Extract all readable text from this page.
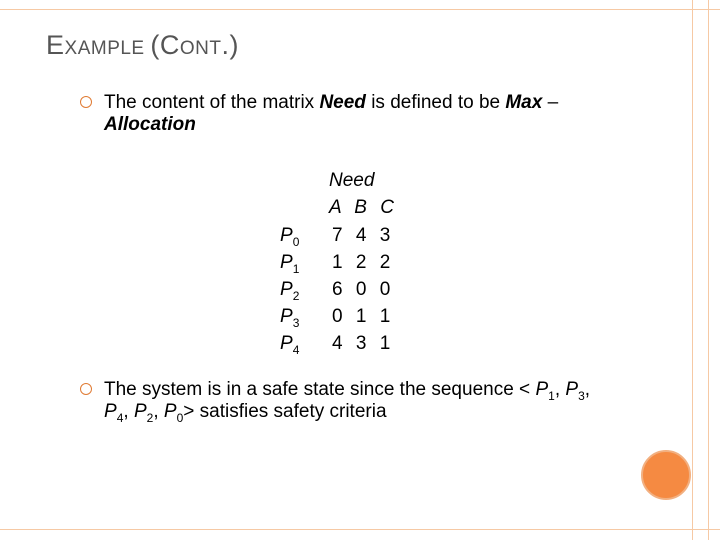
EXAMPLE (CONT.)
The content of the matrix Need is defined to be Max –
Allocation
Need
A B C
$P_0$
$P_1$
$P_2$
$P_3$
$P_4$
7 4 3
1 2 2
6 0 0
0 1 1
4 3 1
The system is in a safe state since the sequence < $P_1$, $P_3$,
$P_4$, $P_2$, $P_0>$ satisfies safety criteria
